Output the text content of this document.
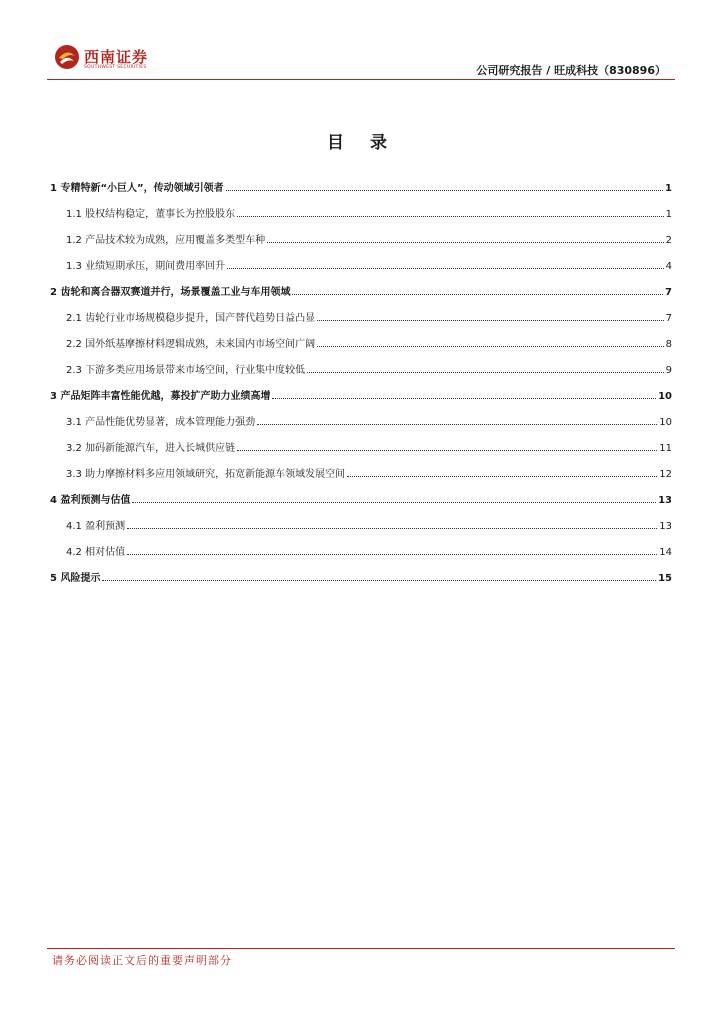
西南证券
SOUTHWEST SECURITIES	公司研究报告 / 旺成科技（830896）
目 录
1 专精特新“小巨人”，传动领域引领者	1
1.1 股权结构稳定，董事长为控股股东	1
1.2 产品技术较为成熟，应用覆盖多类型车种	2
1.3 业绩短期承压，期间费用率回升	4
2 齿轮和离合器双赛道并行，场景覆盖工业与车用领域	7
2.1 齿轮行业市场规模稳步提升，国产替代趋势日益凸显	7
2.2 国外纸基摩擦材料逻辑成熟，未来国内市场空间广阔	8
2.3 下游多类应用场景带来市场空间，行业集中度较低	9
3 产品矩阵丰富性能优越，募投扩产助力业绩高增	10
3.1 产品性能优势显著，成本管理能力强劲	10
3.2 加码新能源汽车，进入长城供应链	11
3.3 助力摩擦材料多应用领域研究，拓宽新能源车领域发展空间	12
4 盈利预测与估值	13
4.1 盈利预测	13
4.2 相对估值	14
5 风险提示	15
请务必阅读正文后的重要声明部分
